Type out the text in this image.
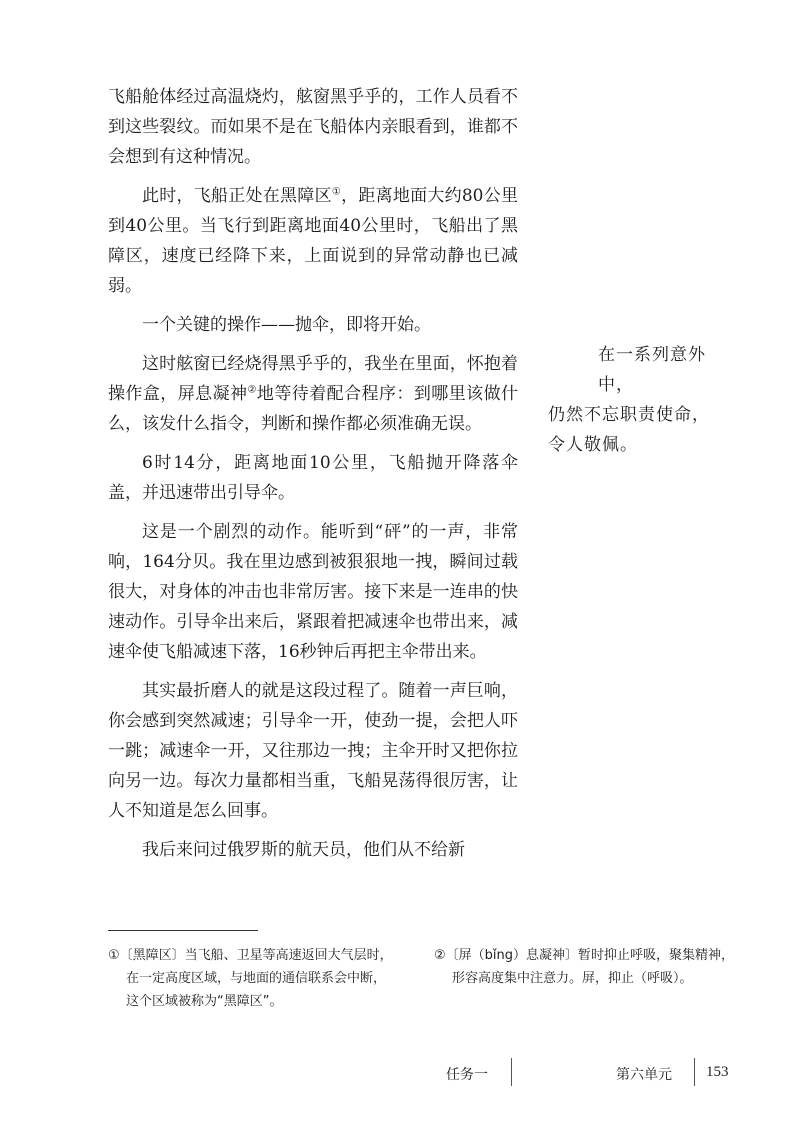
飞船舱体经过高温烧灼，舷窗黑乎乎的，工作人员看不到这些裂纹。而如果不是在飞船体内亲眼看到，谁都不会想到有这种情况。

此时，飞船正处在黑障区①，距离地面大约80公里到40公里。当飞行到距离地面40公里时，飞船出了黑障区，速度已经降下来，上面说到的异常动静也已减弱。

一个关键的操作——抛伞，即将开始。

这时舷窗已经烧得黑乎乎的，我坐在里面，怀抱着操作盒，屏息凝神②地等待着配合程序：到哪里该做什么，该发什么指令，判断和操作都必须准确无误。

6时14分，距离地面10公里，飞船抛开降落伞盖，并迅速带出引导伞。

这是一个剧烈的动作。能听到“砰”的一声，非常响，164分贝。我在里边感到被狠狠地一拽，瞬间过载很大，对身体的冲击也非常厉害。接下来是一连串的快速动作。引导伞出来后，紧跟着把减速伞也带出来，减速伞使飞船减速下落，16秒钟后再把主伞带出来。

其实最折磨人的就是这段过程了。随着一声巨响，你会感到突然减速；引导伞一开，使劲一提，会把人吓一跳；减速伞一开，又往那边一拽；主伞开时又把你拉向另一边。每次力量都相当重，飞船晃荡得很厉害，让人不知道是怎么回事。

我后来问过俄罗斯的航天员，他们从不给新

在一系列意外中，
仍然不忘职责使命，
令人敬佩。
①〔黑障区〕当飞船、卫星等高速返回大气层时，
在一定高度区域，与地面的通信联系会中断，
这个区域被称为“黑障区”。
②〔屏（bǐng）息凝神〕暂时抑止呼吸，聚集精神，
形容高度集中注意力。屏，抑止（呼吸）。
任务一	第六单元 153
